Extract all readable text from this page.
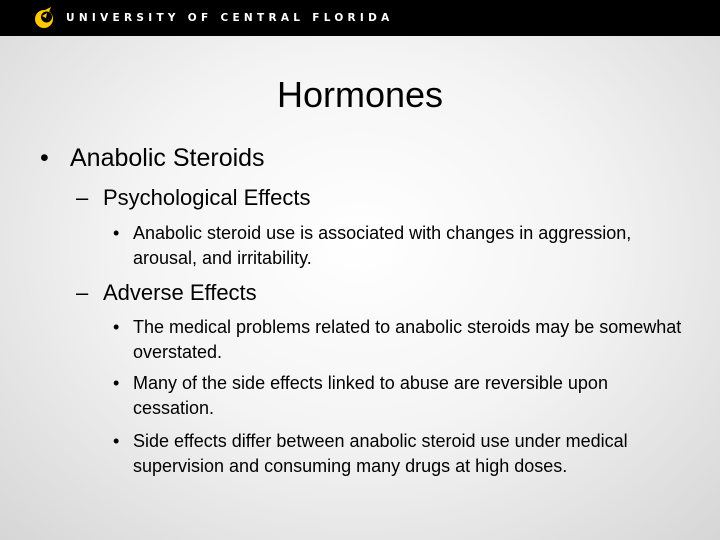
UNIVERSITY OF CENTRAL FLORIDA
Hormones
• Anabolic Steroids
– Psychological Effects
• Anabolic steroid use is associated with changes in aggression, arousal, and irritability.
– Adverse Effects
• The medical problems related to anabolic steroids may be somewhat overstated.
• Many of the side effects linked to abuse are reversible upon cessation.
• Side effects differ between anabolic steroid use under medical supervision and consuming many drugs at high doses.
